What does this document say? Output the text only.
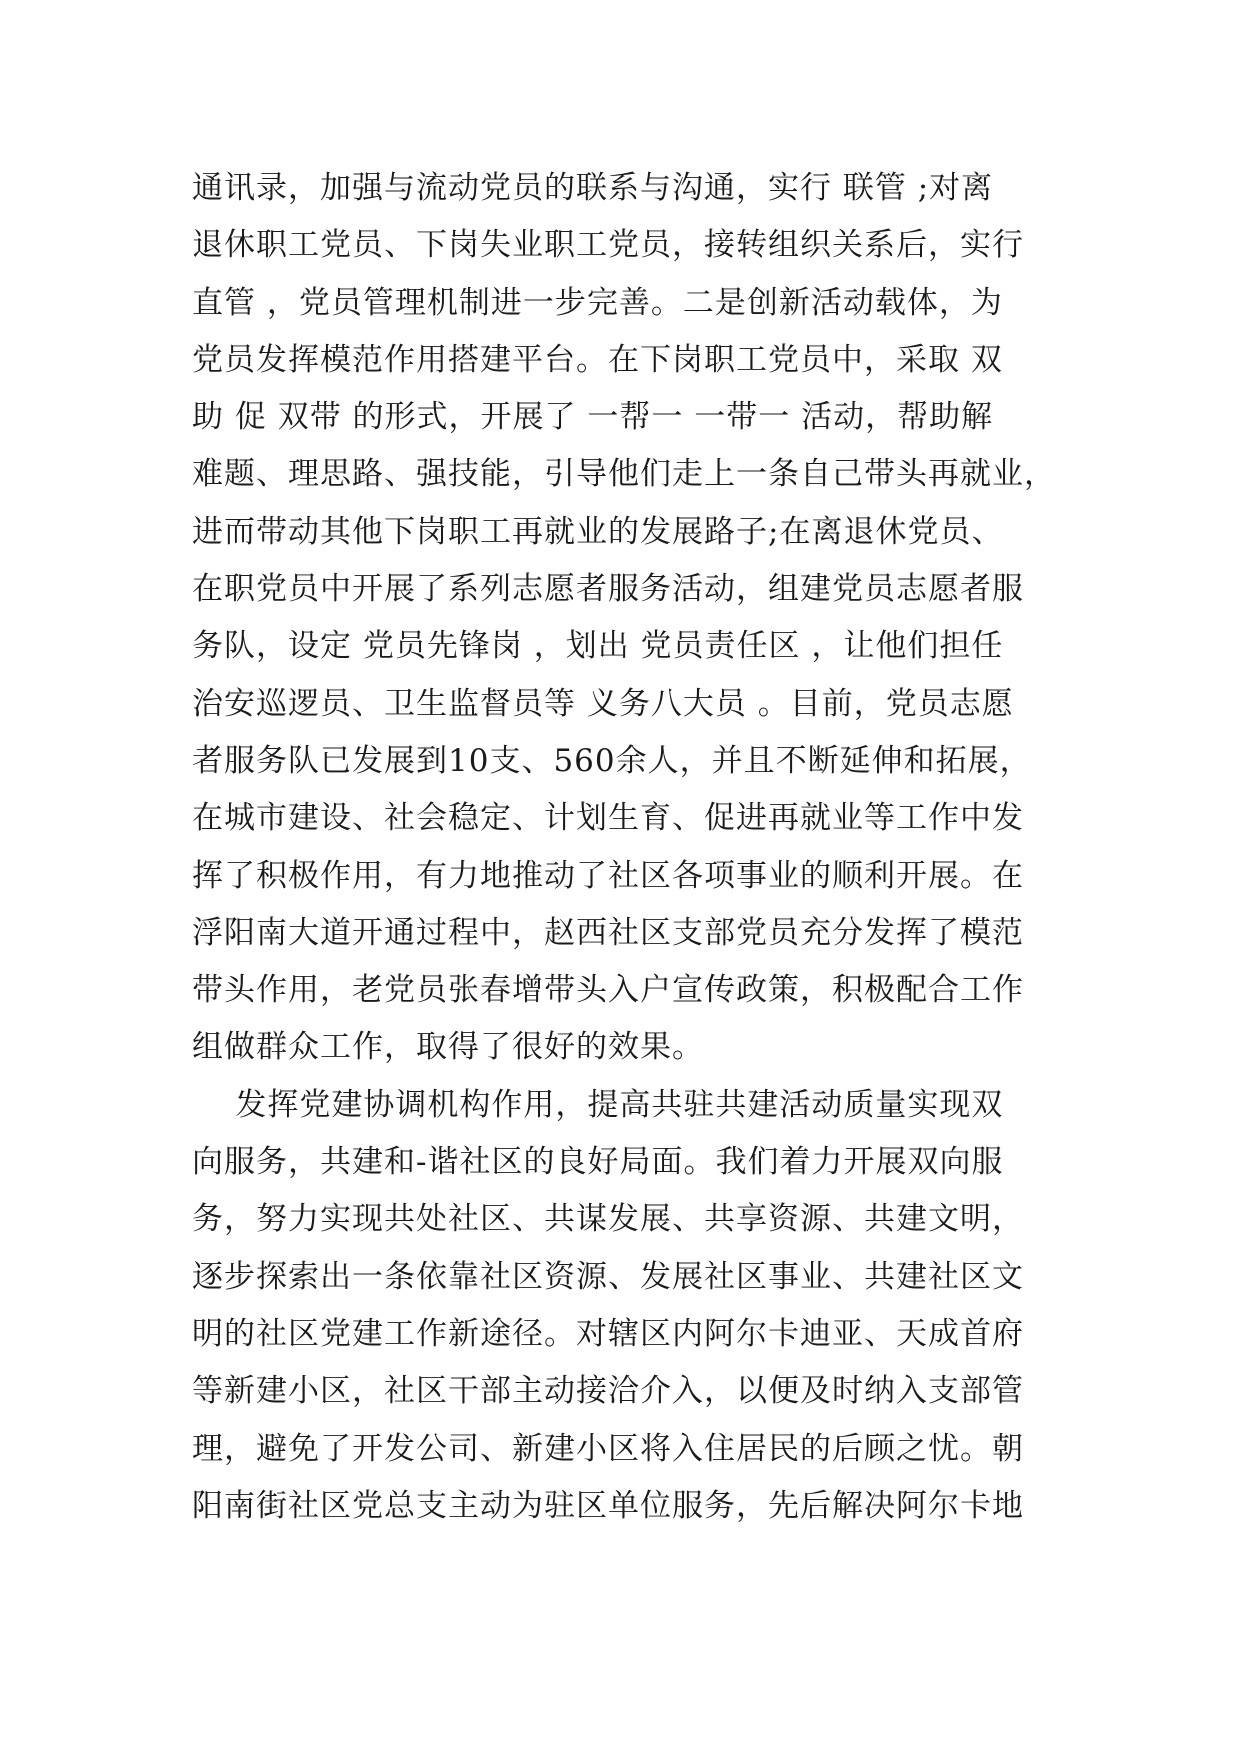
通讯录，加强与流动党员的联系与沟通，实行 联管 ;对离
退休职工党员、下岗失业职工党员，接转组织关系后，实行
直管 ，党员管理机制进一步完善。二是创新活动载体，为
党员发挥模范作用搭建平台。在下岗职工党员中，采取 双
助 促 双带 的形式，开展了 一帮一 一带一 活动，帮助解
难题、理思路、强技能，引导他们走上一条自己带头再就业，
进而带动其他下岗职工再就业的发展路子;在离退休党员、
在职党员中开展了系列志愿者服务活动，组建党员志愿者服
务队，设定 党员先锋岗 ，划出 党员责任区 ，让他们担任
治安巡逻员、卫生监督员等 义务八大员 。目前，党员志愿
者服务队已发展到10支、560余人，并且不断延伸和拓展，
在城市建设、社会稳定、计划生育、促进再就业等工作中发
挥了积极作用，有力地推动了社区各项事业的顺利开展。在
浮阳南大道开通过程中，赵西社区支部党员充分发挥了模范
带头作用，老党员张春增带头入户宣传政策，积极配合工作
组做群众工作，取得了很好的效果。
发挥党建协调机构作用，提高共驻共建活动质量实现双
向服务，共建和-谐社区的良好局面。我们着力开展双向服
务，努力实现共处社区、共谋发展、共享资源、共建文明，
逐步探索出一条依靠社区资源、发展社区事业、共建社区文
明的社区党建工作新途径。对辖区内阿尔卡迪亚、天成首府
等新建小区，社区干部主动接洽介入，以便及时纳入支部管
理，避免了开发公司、新建小区将入住居民的后顾之忧。朝
阳南街社区党总支主动为驻区单位服务，先后解决阿尔卡地
